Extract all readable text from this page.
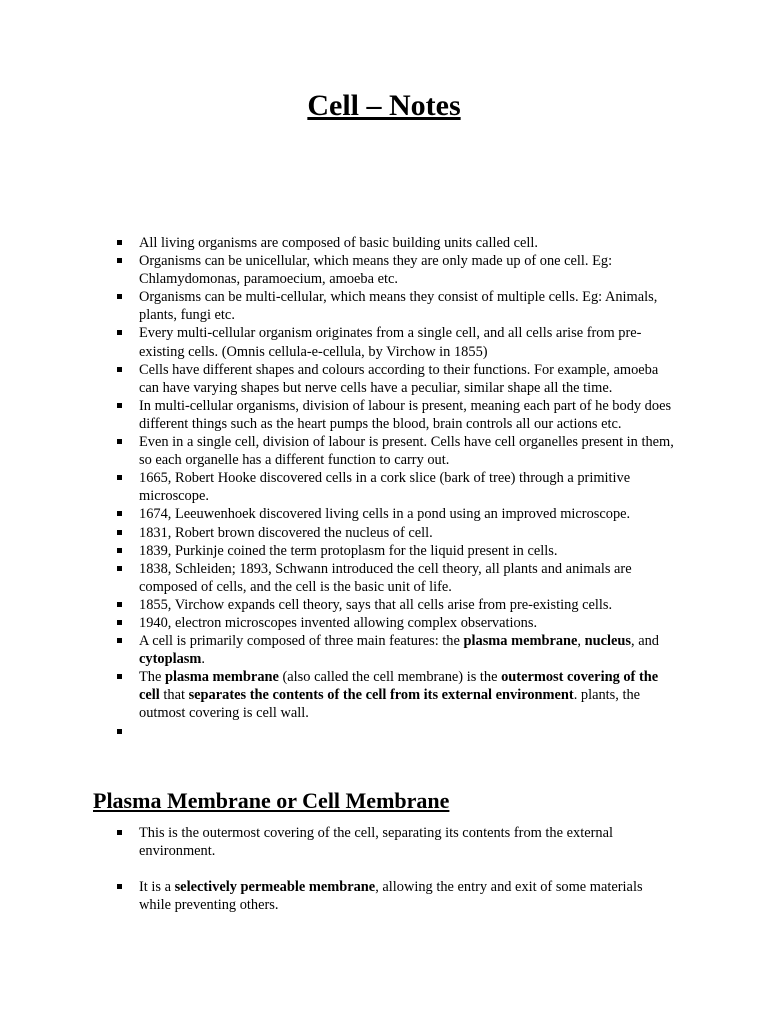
Cell – Notes
All living organisms are composed of basic building units called cell.
Organisms can be unicellular, which means they are only made up of one cell. Eg: Chlamydomonas, paramoecium, amoeba etc.
Organisms can be multi-cellular, which means they consist of multiple cells. Eg: Animals, plants, fungi etc.
Every multi-cellular organism originates from a single cell, and all cells arise from pre-existing cells. (Omnis cellula-e-cellula, by Virchow in 1855)
Cells have different shapes and colours according to their functions. For example, amoeba can have varying shapes but nerve cells have a peculiar, similar shape all the time.
In multi-cellular organisms, division of labour is present, meaning each part of he body does different things such as the heart pumps the blood, brain controls all our actions etc.
Even in a single cell, division of labour is present. Cells have cell organelles present in them, so each organelle has a different function to carry out.
1665, Robert Hooke discovered cells in a cork slice (bark of tree) through a primitive microscope.
1674, Leeuwenhoek discovered living cells in a pond using an improved microscope.
1831, Robert brown discovered the nucleus of cell.
1839, Purkinje coined the term protoplasm for the liquid present in cells.
1838, Schleiden; 1893, Schwann introduced the cell theory, all plants and animals are composed of cells, and the cell is the basic unit of life.
1855, Virchow expands cell theory, says that all cells arise from pre-existing cells.
1940, electron microscopes invented allowing complex observations.
A cell is primarily composed of three main features: the plasma membrane, nucleus, and cytoplasm.
The plasma membrane (also called the cell membrane) is the outermost covering of the cell that separates the contents of the cell from its external environment. plants, the outmost covering is cell wall.
Plasma Membrane or Cell Membrane
This is the outermost covering of the cell, separating its contents from the external environment.
It is a selectively permeable membrane, allowing the entry and exit of some materials while preventing others.
